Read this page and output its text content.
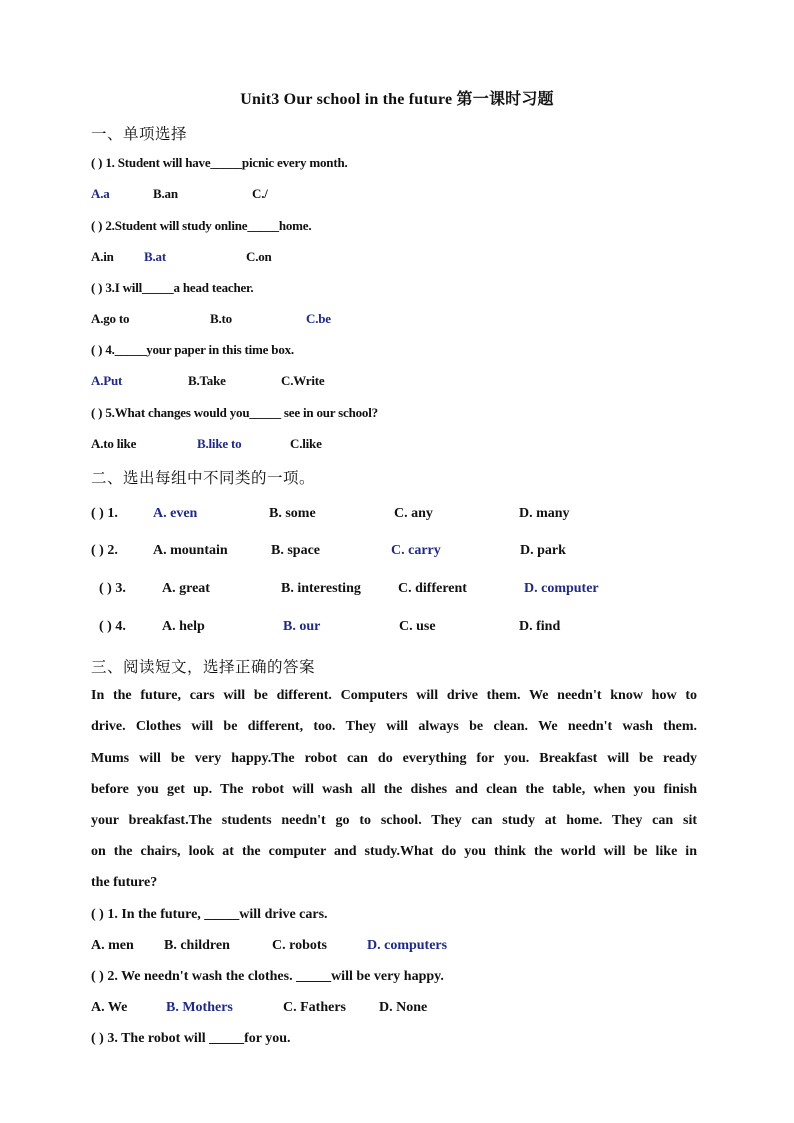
Unit3 Our school in the future 第一课时习题
一、单项选择
( ) 1. Student will have_____picnic every month.
A.a	B.an	C./
( ) 2.Student will study online_____home.
A.in B.at	C.on
( ) 3.I will_____a head teacher.
A.go to	B.to	C.be
( ) 4._____your paper in this time box.
A.Put	B.Take	C.Write
( ) 5.What changes would you_____ see in our school?
A.to like	B.like to	C.like
二、选出每组中不同类的一项。
( ) 1.	A. even	B. some	C. any	D. many
( ) 2.	A. mountain	B. space	C. carry	D. park
( ) 3.	A. great	B. interesting	C. different	D. computer
( ) 4.	A. help	B. our	C. use	D. find
三、阅读短文，选择正确的答案
In the future, cars will be different. Computers will drive them. We needn't know how to
drive. Clothes will be different, too. They will always be clean. We needn't wash them.
Mums will be very happy.The robot can do everything for you. Breakfast will be ready
before you get up. The robot will wash all the dishes and clean the table, when you finish
your breakfast.The students needn't go to school. They can study at home. They can sit
on the chairs, look at the computer and study.What do you think the world will be like in
the future?
( ) 1. In the future, _____will drive cars.
A. men B. children	C. robots	D. computers
( ) 2. We needn't wash the clothes. _____will be very happy.
A. We	B. Mothers	C. Fathers D. None
( ) 3. The robot will _____for you.
